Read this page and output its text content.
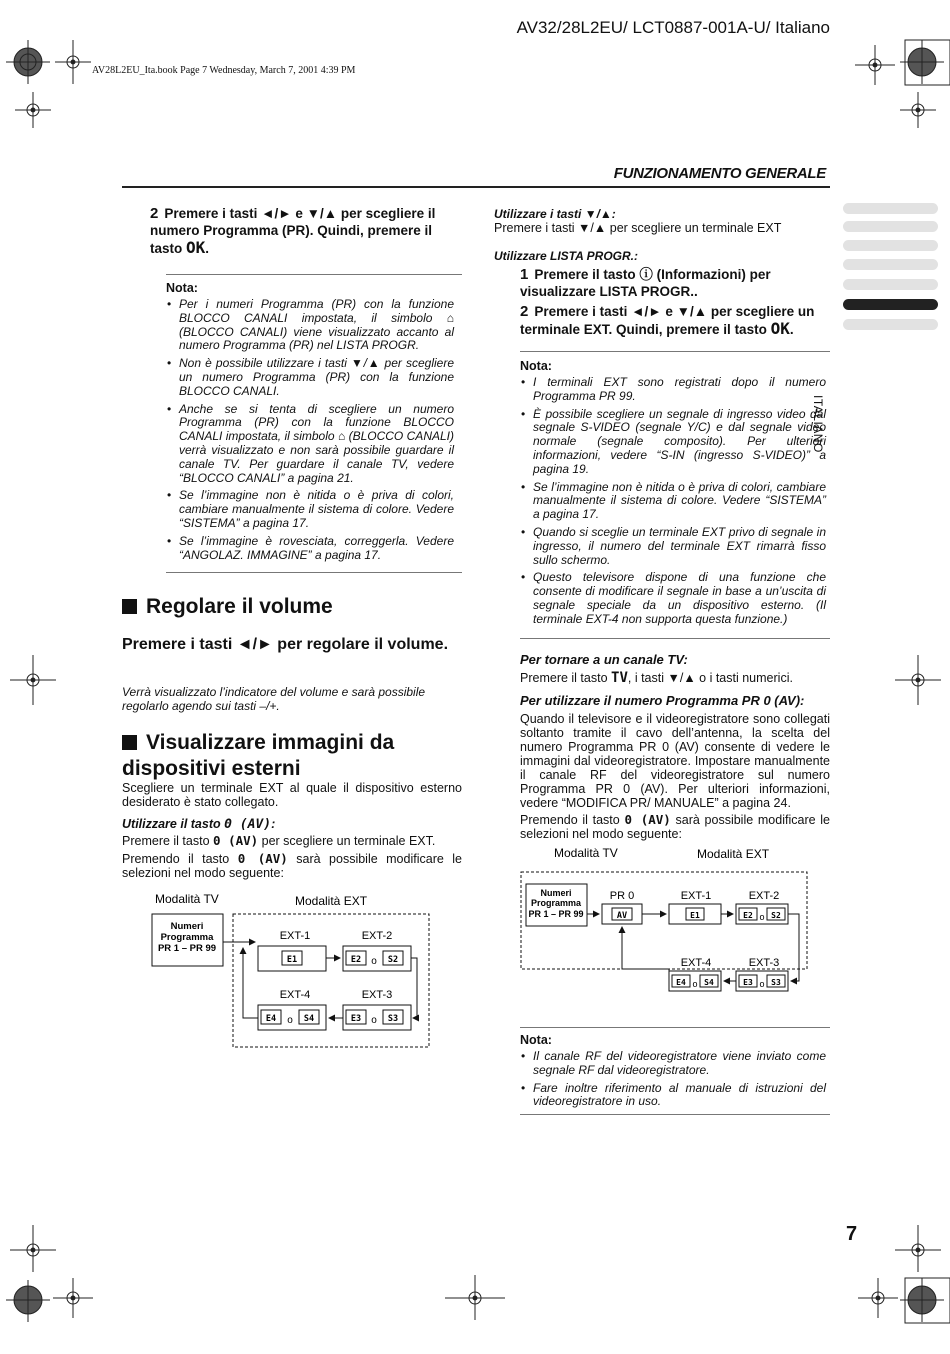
AV32/28L2EU/ LCT0887-001A-U/ Italiano
AV28L2EU_Ita.book Page 7 Wednesday, March 7, 2001 4:39 PM
FUNZIONAMENTO GENERALE
ITALIANO
2 Premere i tasti ◄/► e ▼/▲ per scegliere il numero Programma (PR). Quindi, premere il tasto OK.
Nota:
• Per i numeri Programma (PR) con la funzione BLOCCO CANALI impostata, il simbolo ⌂ (BLOCCO CANALI) viene visualizzato accanto al numero Programma (PR) nel LISTA PROGR.
• Non è possibile utilizzare i tasti ▼/▲ per scegliere un numero Programma (PR) con la funzione BLOCCO CANALI.
• Anche se si tenta di scegliere un numero Programma (PR) con la funzione BLOCCO CANALI impostata, il simbolo ⌂ (BLOCCO CANALI) verrà visualizzato e non sarà possibile guardare il canale TV. Per guardare il canale TV, vedere “BLOCCO CANALI” a pagina 21.
• Se l’immagine non è nitida o è priva di colori, cambiare manualmente il sistema di colore. Vedere “SISTEMA” a pagina 17.
• Se l’immagine è rovesciata, correggerla. Vedere “ANGOLAZ. IMMAGINE” a pagina 17.
Regolare il volume
Premere i tasti ◄/► per regolare il volume.
Verrà visualizzato l’indicatore del volume e sarà possibile regolarlo agendo sui tasti –/+.
Visualizzare immagini da dispositivi esterni
Scegliere un terminale EXT al quale il dispositivo esterno desiderato è stato collegato.
Utilizzare il tasto 0 (AV):
Premere il tasto 0 (AV) per scegliere un terminale EXT.
Premendo il tasto 0 (AV) sarà possibile modificare le selezioni nel modo seguente:
Modalità TV	Modalità EXT
Numeri
Programma
PR 1 – PR 99
EXT-1	EXT-2
E1	E2 o S2
EXT-4	EXT-3
E4 o S4	E3 o S3
Utilizzare i tasti ▼/▲:
Premere i tasti ▼/▲ per scegliere un terminale EXT
Utilizzare LISTA PROGR.:
1 Premere il tasto ⓘ (Informazioni) per visualizzare LISTA PROGR..
2 Premere i tasti ◄/► e ▼/▲ per scegliere un terminale EXT. Quindi, premere il tasto OK.
Nota:
• I terminali EXT sono registrati dopo il numero Programma PR 99.
• È possibile scegliere un segnale di ingresso video dal segnale S-VIDEO (segnale Y/C) e dal segnale video normale (segnale composito). Per ulteriori informazioni, vedere “S-IN (ingresso S-VIDEO)” a pagina 19.
• Se l’immagine non è nitida o è priva di colori, cambiare manualmente il sistema di colore. Vedere “SISTEMA” a pagina 17.
• Quando si sceglie un terminale EXT privo di segnale in ingresso, il numero del terminale EXT rimarrà fisso sullo schermo.
• Questo televisore dispone di una funzione che consente di modificare il segnale in base a un’uscita di segnale speciale da un dispositivo esterno. (Il terminale EXT-4 non supporta questa funzione.)
Per tornare a un canale TV:
Premere il tasto TV, i tasti ▼/▲ o i tasti numerici.
Per utilizzare il numero Programma PR 0 (AV):
Quando il televisore e il videoregistratore sono collegati soltanto tramite il cavo dell’antenna, la scelta del numero Programma PR 0 (AV) consente di vedere le immagini dal videoregistratore. Impostare manualmente il canale RF del videoregistratore sul numero Programma PR 0 (AV). Per ulteriori informazioni, vedere “MODIFICA PR/ MANUALE” a pagina 24.
Premendo il tasto 0 (AV) sarà possibile modificare le selezioni nel modo seguente:
Modalità TV	Modalità EXT
Numeri
Programma
PR 1 – PR 99
PR 0
AV
EXT-1	EXT-2
E1	E2 o S2
EXT-4	EXT-3
E4 o S4	E3 o S3
Nota:
• Il canale RF del videoregistratore viene inviato come segnale RF dal videoregistratore.
• Fare inoltre riferimento al manuale di istruzioni del videoregistratore in uso.
7
